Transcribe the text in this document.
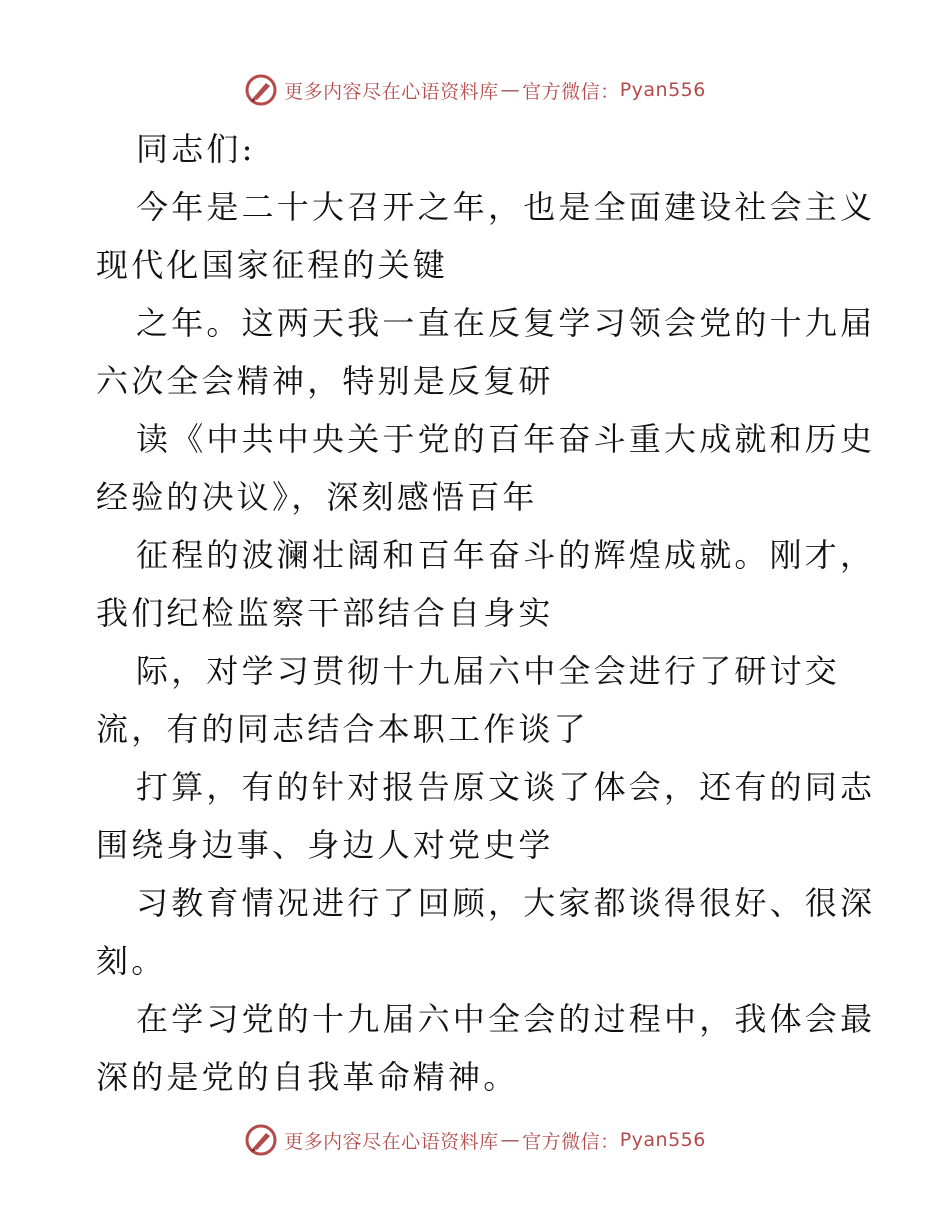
更多内容尽在心语资料库 — 官方微信： Pyan556
同志们:
今年是二十大召开之年，也是全面建设社会主义
现代化国家征程的关键
之年。这两天我一直在反复学习领会党的十九届
六次全会精神，特别是反复研
读《中共中央关于党的百年奋斗重大成就和历史
经验的决议》，深刻感悟百年
征程的波澜壮阔和百年奋斗的辉煌成就。刚才，
我们纪检监察干部结合自身实
际，对学习贯彻十九届六中全会进行了研讨交
流，有的同志结合本职工作谈了
打算，有的针对报告原文谈了体会，还有的同志
围绕身边事、身边人对党史学
习教育情况进行了回顾，大家都谈得很好、很深
刻。
在学习党的十九届六中全会的过程中，我体会最
深的是党的自我革命精神。
更多内容尽在心语资料库 — 官方微信： Pyan556
